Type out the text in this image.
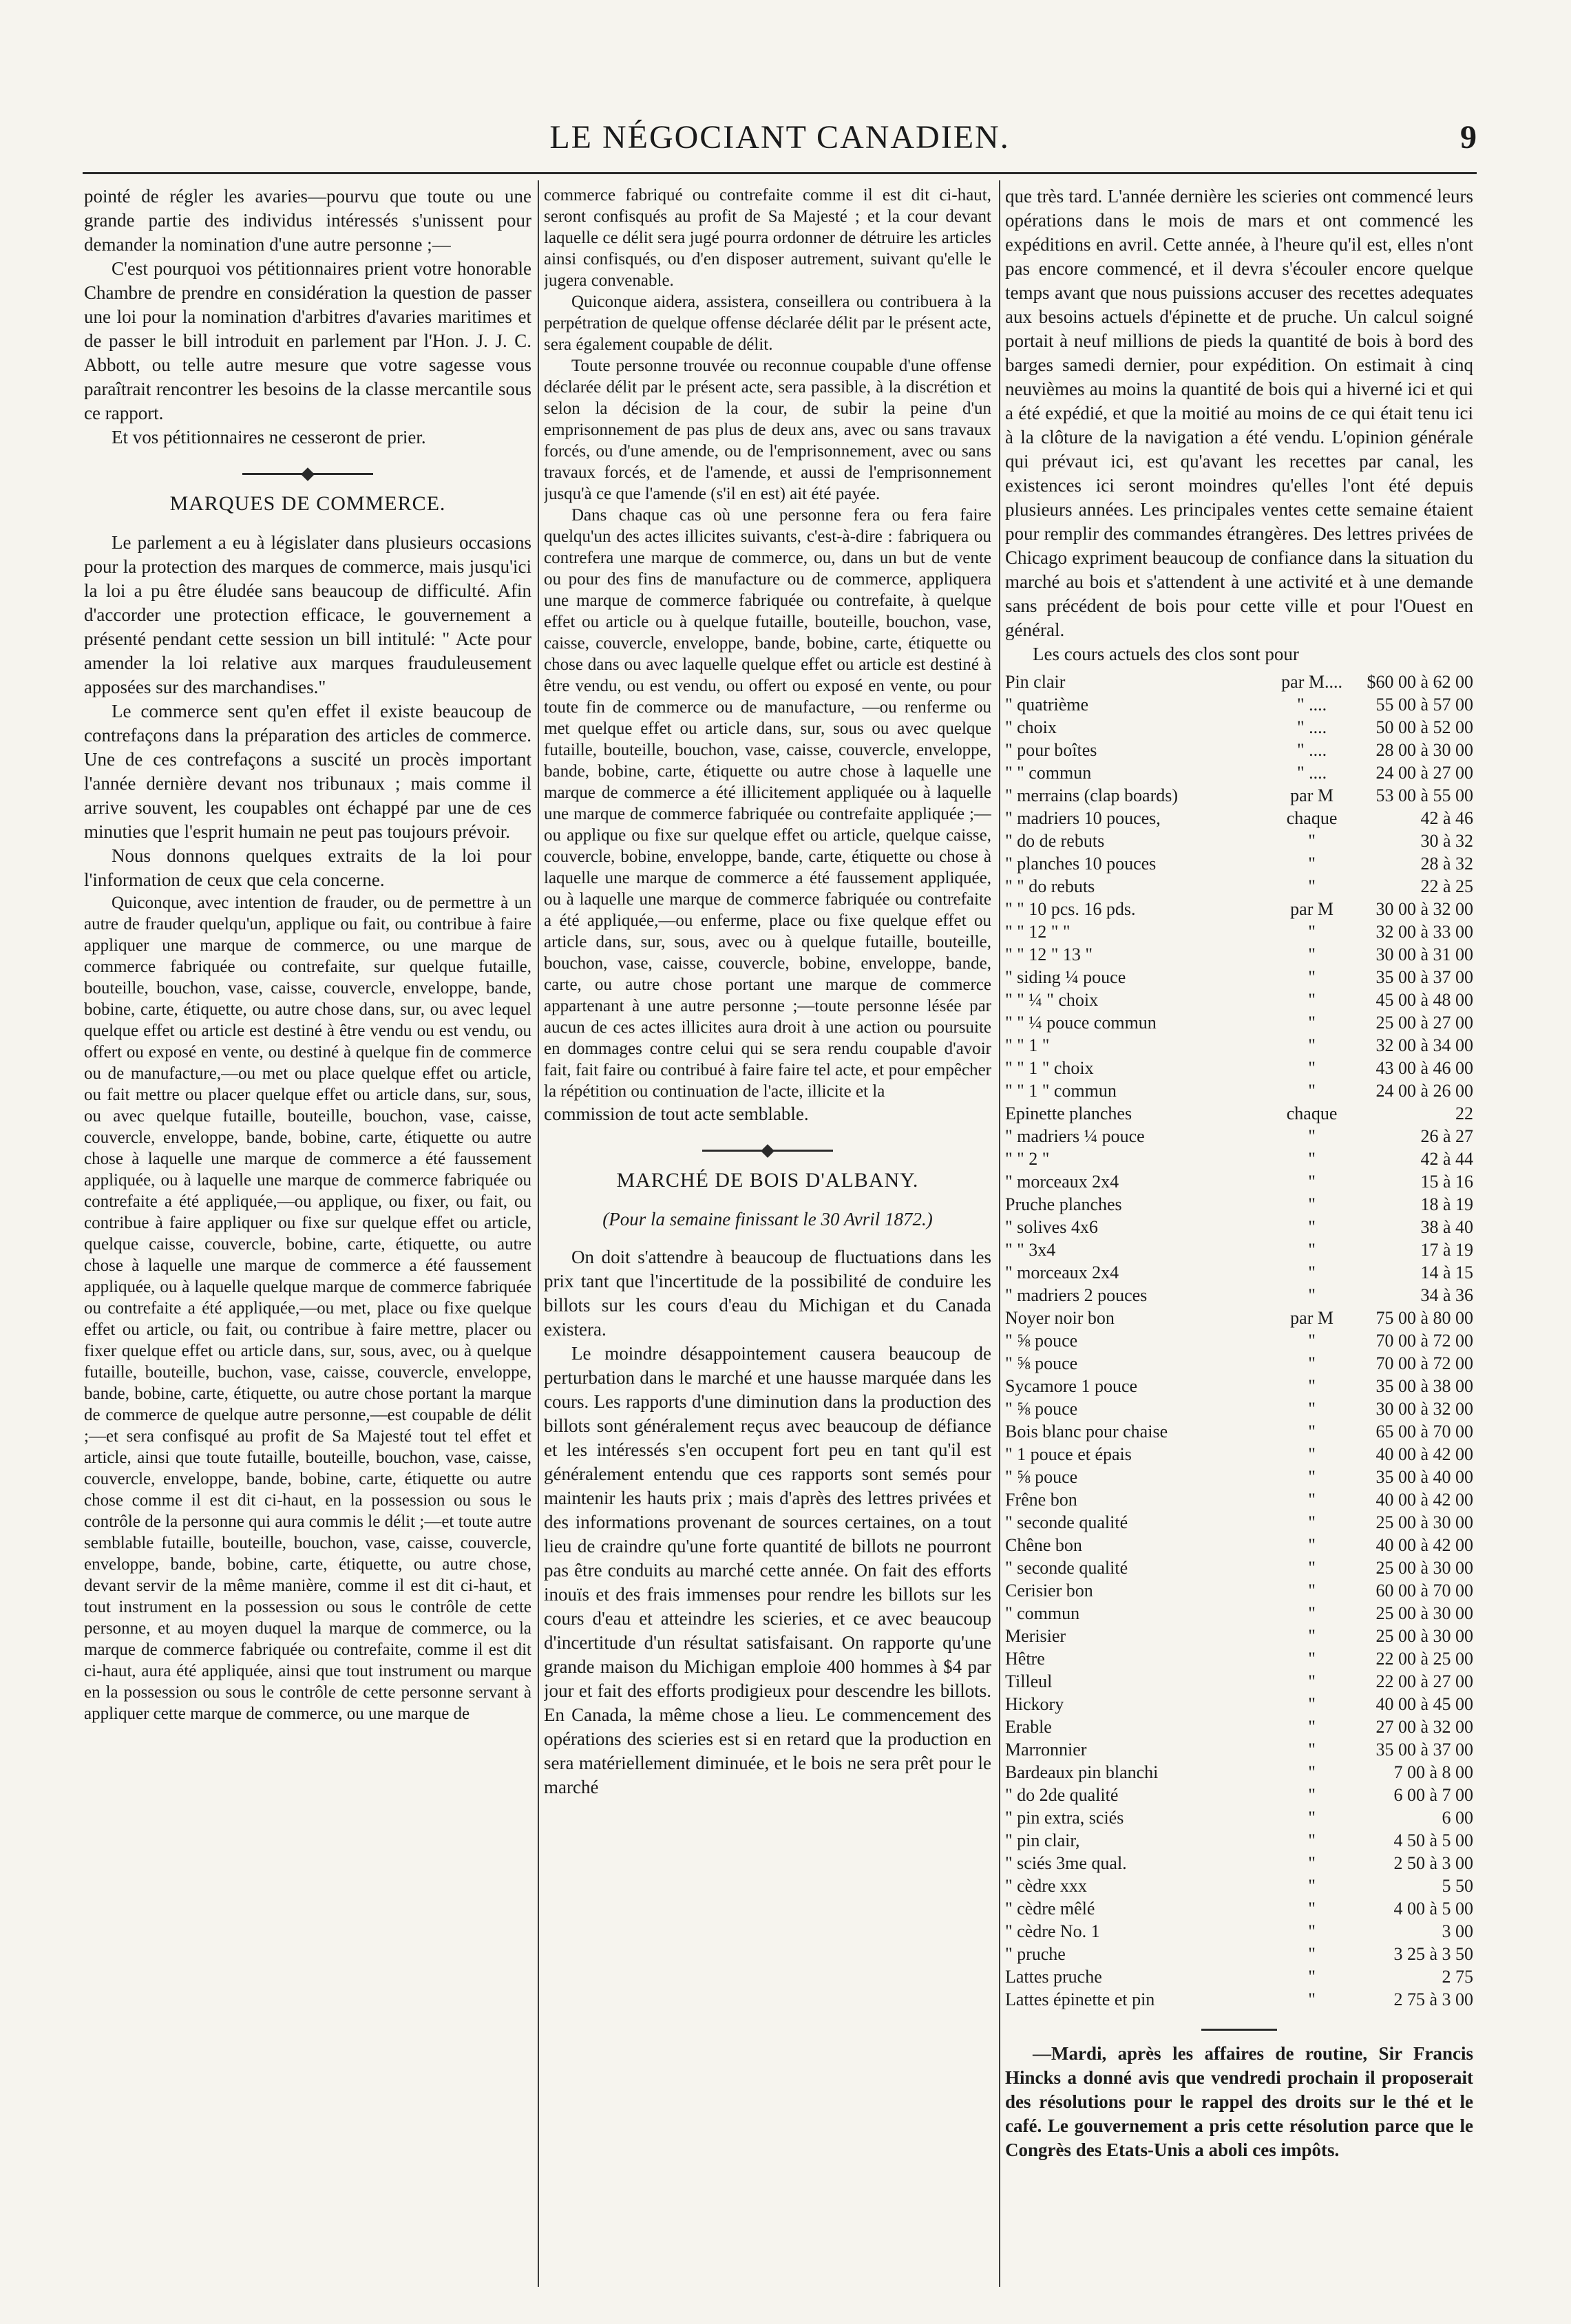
LE NÉGOCIANT CANADIEN.	9

pointé de régler les avaries—pourvu que toute ou une grande partie des individus intéressés s'unissent pour demander la nomination d'une autre personne ;—

C'est pourquoi vos pétitionnaires prient votre honorable Chambre de prendre en considération la question de passer une loi pour la nomination d'arbitres d'avaries maritimes et de passer le bill introduit en parlement par l'Hon. J. J. C. Abbott, ou telle autre mesure que votre sagesse vous paraîtrait rencontrer les besoins de la classe mercantile sous ce rapport.

Et vos pétitionnaires ne cesseront de prier.

MARQUES DE COMMERCE.

Le parlement a eu à législater dans plusieurs occasions pour la protection des marques de commerce, mais jusqu'ici la loi a pu être éludée sans beaucoup de difficulté. Afin d'accorder une protection efficace, le gouvernement a présenté pendant cette session un bill intitulé: " Acte pour amender la loi relative aux marques frauduleusement apposées sur des marchandises."

Le commerce sent qu'en effet il existe beaucoup de contrefaçons dans la préparation des articles de commerce. Une de ces contrefaçons a suscité un procès important l'année dernière devant nos tribunaux ; mais comme il arrive souvent, les coupables ont échappé par une de ces minuties que l'esprit humain ne peut pas toujours prévoir.

Nous donnons quelques extraits de la loi pour l'information de ceux que cela concerne.

Quiconque, avec intention de frauder, ou de permettre à un autre de frauder quelqu'un, applique ou fait, ou contribue à faire appliquer une marque de commerce, ou une marque de commerce fabriquée ou contrefaite, sur quelque futaille, bouteille, bouchon, vase, caisse, couvercle, enveloppe, bande, bobine, carte, étiquette, ou autre chose dans, sur, ou avec lequel quelque effet ou article est destiné à être vendu ou est vendu, ou offert ou exposé en vente, ou destiné à quelque fin de commerce ou de manufacture,—ou met ou place quelque effet ou article, ou fait mettre ou placer quelque effet ou article dans, sur, sous, ou avec quelque futaille, bouteille, bouchon, vase, caisse, couvercle, enveloppe, bande, bobine, carte, étiquette ou autre chose à laquelle une marque de commerce a été faussement appliquée, ou à laquelle une marque de commerce fabriquée ou contrefaite a été appliquée,—ou applique, ou fixer, ou fait, ou contribue à faire appliquer ou fixe sur quelque effet ou article, quelque caisse, couvercle, bobine, carte, étiquette, ou autre chose à laquelle une marque de commerce a été faussement appliquée, ou à laquelle quelque marque de commerce fabriquée ou contrefaite a été appliquée,—ou met, place ou fixe quelque effet ou article, ou fait, ou contribue à faire mettre, placer ou fixer quelque effet ou article dans, sur, sous, avec, ou à quelque futaille, bouteille, buchon, vase, caisse, couvercle, enveloppe, bande, bobine, carte, étiquette, ou autre chose portant la marque de commerce de quelque autre personne,—est coupable de délit ;—et sera confisqué au profit de Sa Majesté tout tel effet et article, ainsi que toute futaille, bouteille, bouchon, vase, caisse, couvercle, enveloppe, bande, bobine, carte, étiquette ou autre chose comme il est dit ci-haut, en la possession ou sous le contrôle de la personne qui aura commis le délit ;—et toute autre semblable futaille, bouteille, bouchon, vase, caisse, couvercle, enveloppe, bande, bobine, carte, étiquette, ou autre chose, devant servir de la même manière, comme il est dit ci-haut, et tout instrument en la possession ou sous le contrôle de cette personne, et au moyen duquel la marque de commerce, ou la marque de commerce fabriquée ou contrefaite, comme il est dit ci-haut, aura été appliquée, ainsi que tout instrument ou marque en la possession ou sous le contrôle de cette personne servant à appliquer cette marque de commerce, ou une marque de

commerce fabriqué ou contrefaite comme il est dit ci-haut, seront confisqués au profit de Sa Majesté ; et la cour devant laquelle ce délit sera jugé pourra ordonner de détruire les articles ainsi confisqués, ou d'en disposer autrement, suivant qu'elle le jugera convenable.

Quiconque aidera, assistera, conseillera ou contribuera à la perpétration de quelque offense déclarée délit par le présent acte, sera également coupable de délit.

Toute personne trouvée ou reconnue coupable d'une offense déclarée délit par le présent acte, sera passible, à la discrétion et selon la décision de la cour, de subir la peine d'un emprisonnement de pas plus de deux ans, avec ou sans travaux forcés, ou d'une amende, ou de l'emprisonnement, avec ou sans travaux forcés, et de l'amende, et aussi de l'emprisonnement jusqu'à ce que l'amende (s'il en est) ait été payée.

Dans chaque cas où une personne fera ou fera faire quelqu'un des actes illicites suivants, c'est-à-dire : fabriquera ou contrefera une marque de commerce, ou, dans un but de vente ou pour des fins de manufacture ou de commerce, appliquera une marque de commerce fabriquée ou contrefaite, à quelque effet ou article ou à quelque futaille, bouteille, bouchon, vase, caisse, couvercle, enveloppe, bande, bobine, carte, étiquette ou chose dans ou avec laquelle quelque effet ou article est destiné à être vendu, ou est vendu, ou offert ou exposé en vente, ou pour toute fin de commerce ou de manufacture, —ou renferme ou met quelque effet ou article dans, sur, sous ou avec quelque futaille, bouteille, bouchon, vase, caisse, couvercle, enveloppe, bande, bobine, carte, étiquette ou autre chose à laquelle une marque de commerce a été illicitement appliquée ou à laquelle une marque de commerce fabriquée ou contrefaite appliquée ;—ou applique ou fixe sur quelque effet ou article, quelque caisse, couvercle, bobine, enveloppe, bande, carte, étiquette ou chose à laquelle une marque de commerce a été faussement appliquée, ou à laquelle une marque de commerce fabriquée ou contrefaite a été appliquée,—ou enferme, place ou fixe quelque effet ou article dans, sur, sous, avec ou à quelque futaille, bouteille, bouchon, vase, caisse, couvercle, bobine, enveloppe, bande, carte, ou autre chose portant une marque de commerce appartenant à une autre personne ;—toute personne lésée par aucun de ces actes illicites aura droit à une action ou poursuite en dommages contre celui qui se sera rendu coupable d'avoir fait, fait faire ou contribué à faire faire tel acte, et pour empêcher la répétition ou continuation de l'acte, illicite et la

commission de tout acte semblable.

MARCHÉ DE BOIS D'ALBANY.
(Pour la semaine finissant le 30 Avril 1872.)

On doit s'attendre à beaucoup de fluctuations dans les prix tant que l'incertitude de la possibilité de conduire les billots sur les cours d'eau du Michigan et du Canada existera.

Le moindre désappointement causera beaucoup de perturbation dans le marché et une hausse marquée dans les cours. Les rapports d'une diminution dans la production des billots sont généralement reçus avec beaucoup de défiance et les intéressés s'en occupent fort peu en tant qu'il est généralement entendu que ces rapports sont semés pour maintenir les hauts prix ; mais d'après des lettres privées et des informations provenant de sources certaines, on a tout lieu de craindre qu'une forte quantité de billots ne pourront pas être conduits au marché cette année. On fait des efforts inouïs et des frais immenses pour rendre les billots sur les cours d'eau et atteindre les scieries, et ce avec beaucoup d'incertitude d'un résultat satisfaisant. On rapporte qu'une grande maison du Michigan emploie 400 hommes à $4 par jour et fait des efforts prodigieux pour descendre les billots. En Canada, la même chose a lieu. Le commencement des opérations des scieries est si en retard que la production en sera matériellement diminuée, et le bois ne sera prêt pour le marché

que très tard. L'année dernière les scieries ont commencé leurs opérations dans le mois de mars et ont commencé les expéditions en avril. Cette année, à l'heure qu'il est, elles n'ont pas encore commencé, et il devra s'écouler encore quelque temps avant que nous puissions accuser des recettes adequates aux besoins actuels d'épinette et de pruche. Un calcul soigné portait à neuf millions de pieds la quantité de bois à bord des barges samedi dernier, pour expédition. On estimait à cinq neuvièmes au moins la quantité de bois qui a hiverné ici et qui a été expédié, et que la moitié au moins de ce qui était tenu ici à la clôture de la navigation a été vendu. L'opinion générale qui prévaut ici, est qu'avant les recettes par canal, les existences ici seront moindres qu'elles l'ont été depuis plusieurs années. Les principales ventes cette semaine étaient pour remplir des commandes étrangères. Des lettres privées de Chicago expriment beaucoup de confiance dans la situation du marché au bois et s'attendent à une activité et à une demande sans précédent de bois pour cette ville et pour l'Ouest en général.

Les cours actuels des clos sont pour

Pin clair	par M....	$60 00 à 62 00
" quatrième	" ....	55 00 à 57 00
" choix	" ....	50 00 à 52 00
" pour boîtes	" ....	28 00 à 30 00
" " commun	" ....	24 00 à 27 00
" merrains (clap boards)	par M	53 00 à 55 00
" madriers 10 pouces,	chaque	42 à 46
" do de rebuts	"	30 à 32
" planches 10 pouces	"	28 à 32
" " do rebuts	"	22 à 25
" " 10 pcs. 16 pds.	par M	30 00 à 32 00
" " 12 " "	"	32 00 à 33 00
" " 12 " 13 "	"	30 00 à 31 00
" siding ¼ pouce	"	35 00 à 37 00
" " ¼ " choix	"	45 00 à 48 00
" " ¼ pouce commun	"	25 00 à 27 00
" " 1 "	"	32 00 à 34 00
" " 1 " choix	"	43 00 à 46 00
" " 1 " commun	"	24 00 à 26 00
Epinette planches	chaque	22
" madriers ¼ pouce	"	26 à 27
" " 2 "	"	42 à 44
" morceaux 2x4	"	15 à 16
Pruche planches	"	18 à 19
" solives 4x6	"	38 à 40
" " 3x4	"	17 à 19
" morceaux 2x4	"	14 à 15
" madriers 2 pouces	"	34 à 36
Noyer noir bon	par M	75 00 à 80 00
" ⅝ pouce	"	70 00 à 72 00
" ⅝ pouce	"	70 00 à 72 00
Sycamore 1 pouce	"	35 00 à 38 00
" ⅝ pouce	"	30 00 à 32 00
Bois blanc pour chaise	"	65 00 à 70 00
" 1 pouce et épais	"	40 00 à 42 00
" ⅝ pouce	"	35 00 à 40 00
Frêne bon	"	40 00 à 42 00
" seconde qualité	"	25 00 à 30 00
Chêne bon	"	40 00 à 42 00
" seconde qualité	"	25 00 à 30 00
Cerisier bon	"	60 00 à 70 00
" commun	"	25 00 à 30 00
Merisier	"	25 00 à 30 00
Hêtre	"	22 00 à 25 00
Tilleul	"	22 00 à 27 00
Hickory	"	40 00 à 45 00
Erable	"	27 00 à 32 00
Marronnier	"	35 00 à 37 00
Bardeaux pin blanchi	"	7 00 à 8 00
" do 2de qualité	"	6 00 à 7 00
" pin extra, sciés	"	6 00
" pin clair,	"	4 50 à 5 00
" sciés 3me qual.	"	2 50 à 3 00
" cèdre xxx	"	5 50
" cèdre mêlé	"	4 00 à 5 00
" cèdre No. 1	"	3 00
" pruche	"	3 25 à 3 50
Lattes pruche	"	2 75
Lattes épinette et pin	"	2 75 à 3 00

—Mardi, après les affaires de routine, Sir Francis Hincks a donné avis que vendredi prochain il proposerait des résolutions pour le rappel des droits sur le thé et le café. Le gouvernement a pris cette résolution parce que le Congrès des Etats-Unis a aboli ces impôts.
